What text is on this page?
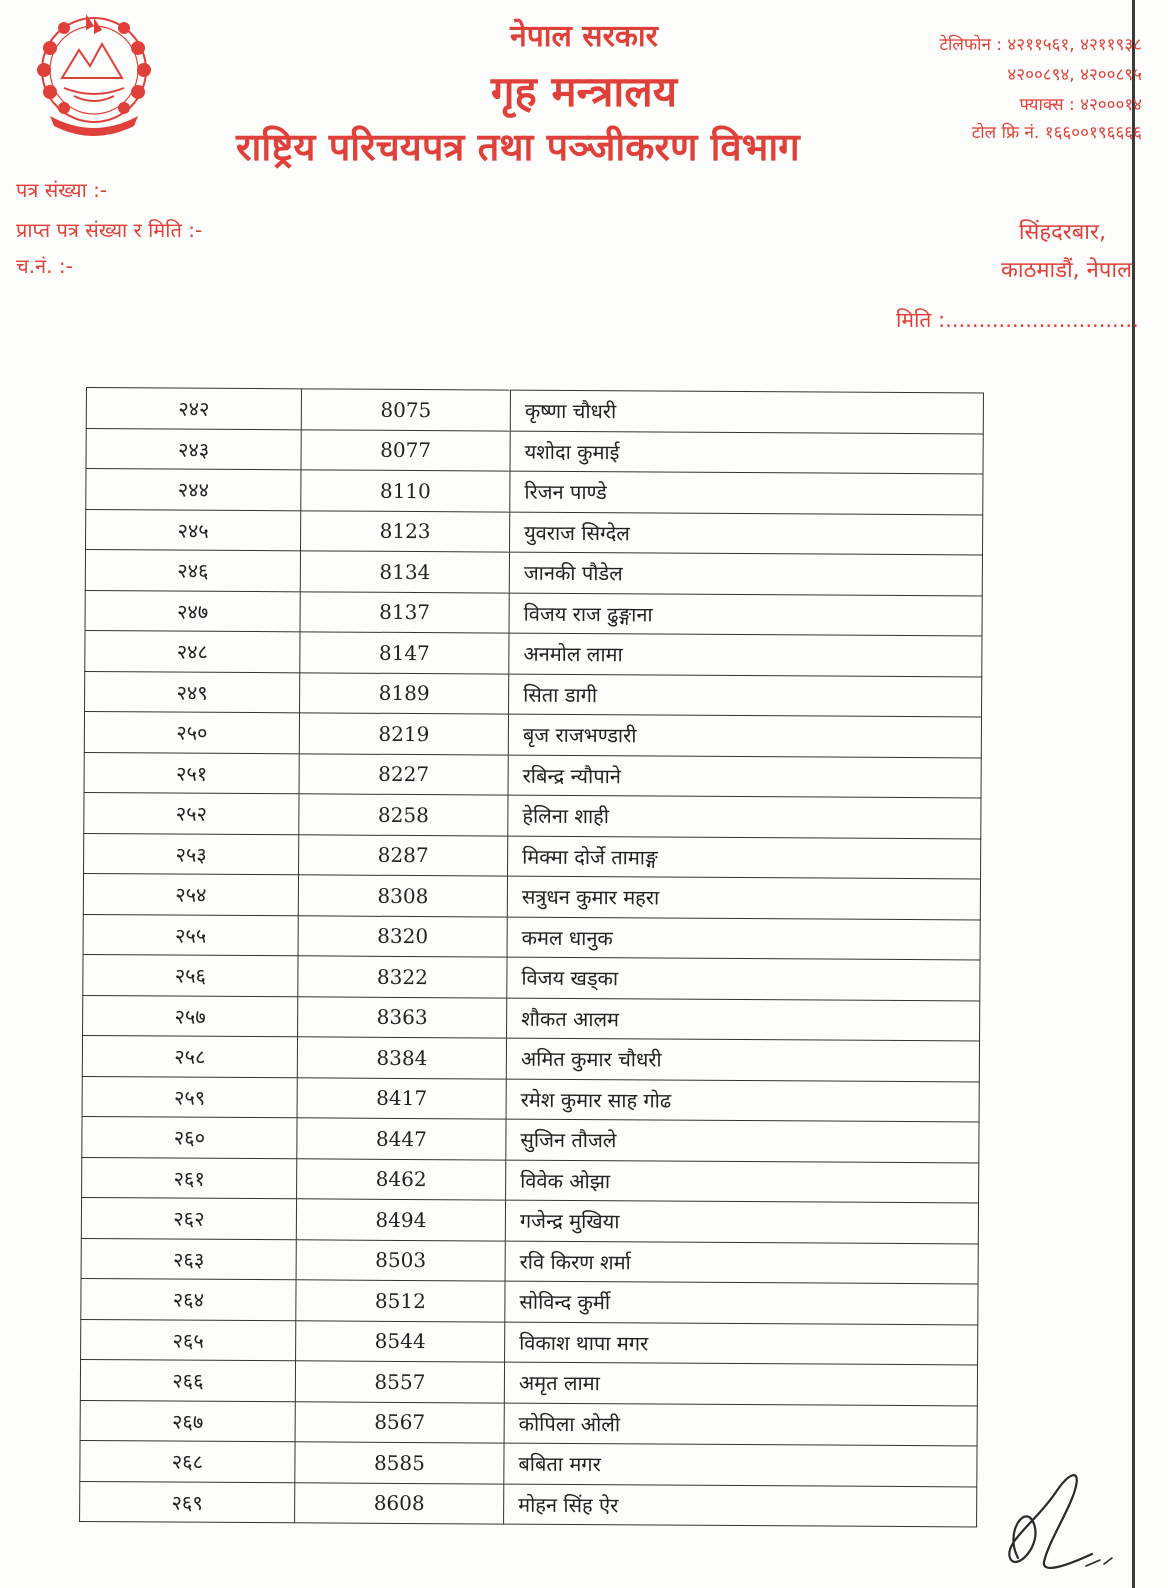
नेपाल सरकार
गृह मन्त्रालय
राष्ट्रिय परिचयपत्र तथा पञ्जीकरण विभाग
टेलिफोन : ४२११५६१, ४२११९३८
४२००८९४, ४२००८९५
फ्याक्स : ४२०००१४
टोल फ्रि नं. १६६००१९६६६६
पत्र संख्या :-
प्राप्त पत्र संख्या र मिति :-
च.नं. :-
सिंहदरबार,
काठमाडौं, नेपाल
मिति :.............................
२४२	8075	कृष्णा चौधरी
२४३	8077	यशोदा कुमाई
२४४	8110	रिजन पाण्डे
२४५	8123	युवराज सिग्देल
२४६	8134	जानकी पौडेल
२४७	8137	विजय राज ढुङ्गाना
२४८	8147	अनमोल लामा
२४९	8189	सिता डागी
२५०	8219	बृज राजभण्डारी
२५१	8227	रबिन्द्र न्यौपाने
२५२	8258	हेलिना शाही
२५३	8287	मिक्मा दोर्जे तामाङ्ग
२५४	8308	सत्रुधन कुमार महरा
२५५	8320	कमल धानुक
२५६	8322	विजय खड्का
२५७	8363	शौकत आलम
२५८	8384	अमित कुमार चौधरी
२५९	8417	रमेश कुमार साह गोढ
२६०	8447	सुजिन तौजले
२६१	8462	विवेक ओझा
२६२	8494	गजेन्द्र मुखिया
२६३	8503	रवि किरण शर्मा
२६४	8512	सोविन्द कुर्मी
२६५	8544	विकाश थापा मगर
२६६	8557	अमृत लामा
२६७	8567	कोपिला ओली
२६८	8585	बबिता मगर
२६९	8608	मोहन सिंह ऐर
